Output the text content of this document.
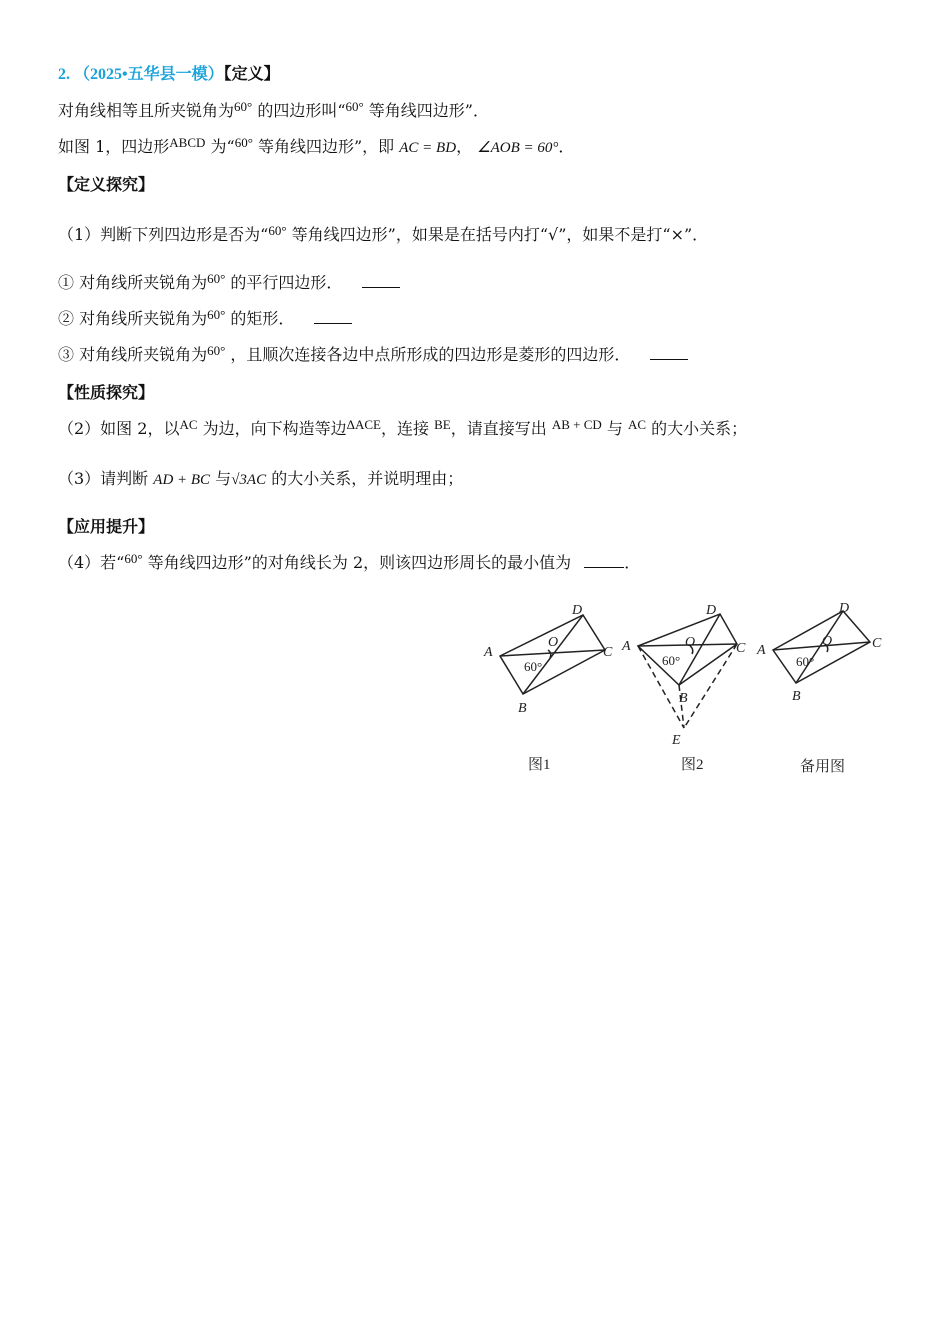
2. （2025•五华县一模）【定义】
对角线相等且所夹锐角为$^{60^\circ}$ 的四边形叫“$^{60^\circ}$ 等角线四边形”．
如图 1，四边形$^{ABCD}$ 为“$^{60^\circ}$ 等角线四边形”，即 AC = BD， ∠AOB = 60°．
【定义探究】
（1）判断下列四边形是否为“$^{60^\circ}$ 等角线四边形”，如果是在括号内打“√”，如果不是打“×”．
① 对角线所夹锐角为$^{60^\circ}$ 的平行四边形．
② 对角线所夹锐角为$^{60^\circ}$ 的矩形．
③ 对角线所夹锐角为$^{60^\circ}$ ，且顺次连接各边中点所形成的四边形是菱形的四边形．
【性质探究】
（2）如图 2，以$^{AC}$ 为边，向下构造等边$^{\Delta ACE}$，连接 $^{BE}$，请直接写出 $^{AB + CD}$ 与 $^{AC}$ 的大小关系；
（3）请判断 AD + BC 与√3AC 的大小关系，并说明理由；
【应用提升】
（4）若“$^{60^\circ}$ 等角线四边形”的对角线长为 2，则该四边形周长的最小值为	．
A
D
C
B
O
60°
图1
A
D
C
B
O
E
60°
图2
A
D
C
B
O
60°
备用图
